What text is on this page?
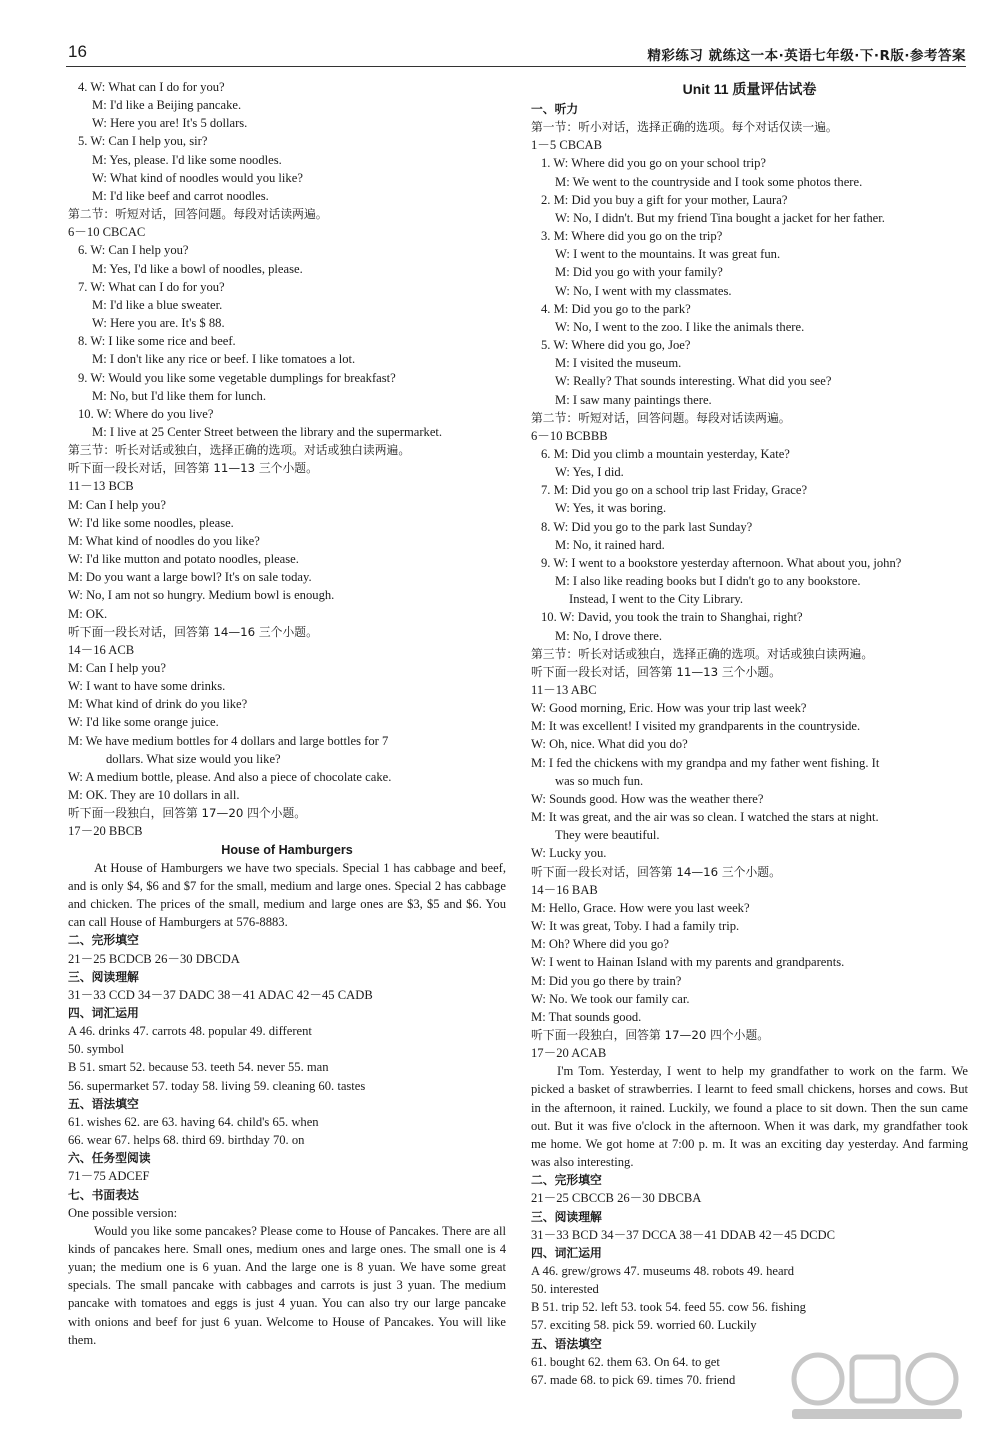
16	精彩练习 就练这一本·英语七年级·下·R版·参考答案
4. W: What can I do for you?
M: I'd like a Beijing pancake.
W: Here you are! It's 5 dollars.
5. W: Can I help you, sir?
M: Yes, please. I'd like some noodles.
W: What kind of noodles would you like?
M: I'd like beef and carrot noodles.
第二节：听短对话，回答问题。每段对话读两遍。
6－10 CBCAC
6. W: Can I help you?
M: Yes, I'd like a bowl of noodles, please.
7. W: What can I do for you?
M: I'd like a blue sweater.
W: Here you are. It's $ 88.
8. W: I like some rice and beef.
M: I don't like any rice or beef. I like tomatoes a lot.
9. W: Would you like some vegetable dumplings for breakfast?
M: No, but I'd like them for lunch.
10. W: Where do you live?
M: I live at 25 Center Street between the library and the supermarket.
第三节：听长对话或独白，选择正确的选项。对话或独白读两遍。
听下面一段长对话，回答第 11—13 三个小题。
11－13 BCB
M: Can I help you?
W: I'd like some noodles, please.
M: What kind of noodles do you like?
W: I'd like mutton and potato noodles, please.
M: Do you want a large bowl? It's on sale today.
W: No, I am not so hungry. Medium bowl is enough.
M: OK.
听下面一段长对话，回答第 14—16 三个小题。
14－16 ACB
M: Can I help you?
W: I want to have some drinks.
M: What kind of drink do you like?
W: I'd like some orange juice.
M: We have medium bottles for 4 dollars and large bottles for 7
dollars. What size would you like?
W: A medium bottle, please. And also a piece of chocolate cake.
M: OK. They are 10 dollars in all.
听下面一段独白，回答第 17—20 四个小题。
17－20 BBCB
House of Hamburgers
At House of Hamburgers we have two specials. Special 1 has cabbage and beef, and is only $4, $6 and $7 for the small, medium and large ones. Special 2 has cabbage and chicken. The prices of the small, medium and large ones are $3, $5 and $6. You can call House of Hamburgers at 576-8883.
二、完形填空
21－25 BCDCB 26－30 DBCDA
三、阅读理解
31－33 CCD 34－37 DADC 38－41 ADAC 42－45 CADB
四、词汇运用
A 46. drinks 47. carrots 48. popular 49. different
50. symbol
B 51. smart 52. because 53. teeth 54. never 55. man
56. supermarket 57. today 58. living 59. cleaning 60. tastes
五、语法填空
61. wishes 62. are 63. having 64. child's 65. when
66. wear 67. helps 68. third 69. birthday 70. on
六、任务型阅读
71－75 ADCEF
七、书面表达
One possible version:
Would you like some pancakes? Please come to House of Pancakes. There are all kinds of pancakes here. Small ones, medium ones and large ones. The small one is 4 yuan; the medium one is 6 yuan. And the large one is 8 yuan. We have some great specials. The small pancake with cabbages and carrots is just 3 yuan. The medium pancake with tomatoes and eggs is just 4 yuan. You can also try our large pancake with onions and beef for just 6 yuan. Welcome to House of Pancakes. You will like them.
Unit 11 质量评估试卷
一、听力
第一节：听小对话，选择正确的选项。每个对话仅读一遍。
1－5 CBCAB
1. W: Where did you go on your school trip?
M: We went to the countryside and I took some photos there.
2. M: Did you buy a gift for your mother, Laura?
W: No, I didn't. But my friend Tina bought a jacket for her father.
3. M: Where did you go on the trip?
W: I went to the mountains. It was great fun.
M: Did you go with your family?
W: No, I went with my classmates.
4. M: Did you go to the park?
W: No, I went to the zoo. I like the animals there.
5. W: Where did you go, Joe?
M: I visited the museum.
W: Really? That sounds interesting. What did you see?
M: I saw many paintings there.
第二节：听短对话，回答问题。每段对话读两遍。
6－10 BCBBB
6. M: Did you climb a mountain yesterday, Kate?
W: Yes, I did.
7. M: Did you go on a school trip last Friday, Grace?
W: Yes, it was boring.
8. W: Did you go to the park last Sunday?
M: No, it rained hard.
9. W: I went to a bookstore yesterday afternoon. What about you, john?
M: I also like reading books but I didn't go to any bookstore.
Instead, I went to the City Library.
10. W: David, you took the train to Shanghai, right?
M: No, I drove there.
第三节：听长对话或独白，选择正确的选项。对话或独白读两遍。
听下面一段长对话，回答第 11—13 三个小题。
11－13 ABC
W: Good morning, Eric. How was your trip last week?
M: It was excellent! I visited my grandparents in the countryside.
W: Oh, nice. What did you do?
M: I fed the chickens with my grandpa and my father went fishing. It
was so much fun.
W: Sounds good. How was the weather there?
M: It was great, and the air was so clean. I watched the stars at night.
They were beautiful.
W: Lucky you.
听下面一段长对话，回答第 14—16 三个小题。
14－16 BAB
M: Hello, Grace. How were you last week?
W: It was great, Toby. I had a family trip.
M: Oh? Where did you go?
W: I went to Hainan Island with my parents and grandparents.
M: Did you go there by train?
W: No. We took our family car.
M: That sounds good.
听下面一段独白，回答第 17—20 四个小题。
17－20 ACAB
I'm Tom. Yesterday, I went to help my grandfather to work on the farm. We picked a basket of strawberries. I learnt to feed small chickens, horses and cows. But in the afternoon, it rained. Luckily, we found a place to sit down. Then the sun came out. But it was five o'clock in the afternoon. When it was dark, my grandfather took me home. We got home at 7:00 p. m. It was an exciting day yesterday. And farming was also interesting.
二、完形填空
21－25 CBCCB 26－30 DBCBA
三、阅读理解
31－33 BCD 34－37 DCCA 38－41 DDAB 42－45 DCDC
四、词汇运用
A 46. grew/grows 47. museums 48. robots 49. heard
50. interested
B 51. trip 52. left 53. took 54. feed 55. cow 56. fishing
57. exciting 58. pick 59. worried 60. Luckily
五、语法填空
61. bought 62. them 63. On 64. to get
67. made 68. to pick 69. times 70. friend
